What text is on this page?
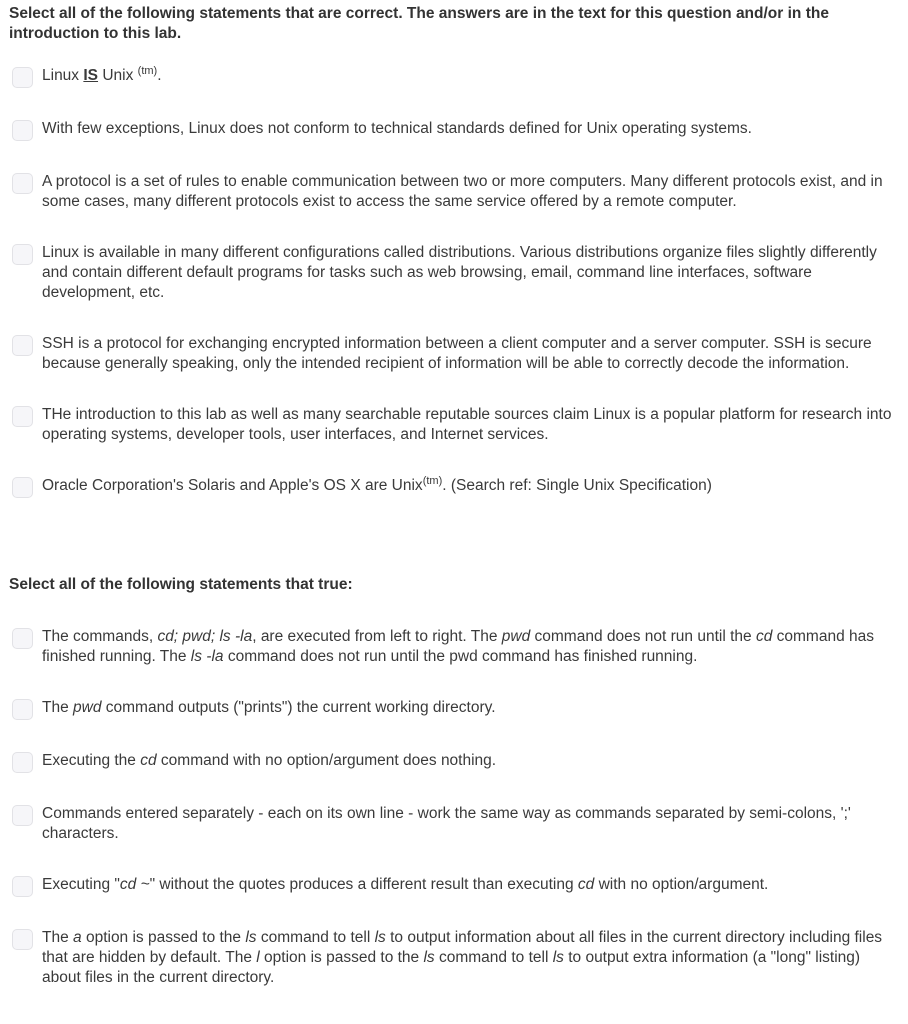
Select all of the following statements that are correct. The answers are in the text for this question and/or in the introduction to this lab.

Linux IS Unix $^{(tm)}$.
With few exceptions, Linux does not conform to technical standards defined for Unix operating systems.
A protocol is a set of rules to enable communication between two or more computers. Many different protocols exist, and in some cases, many different protocols exist to access the same service offered by a remote computer.
Linux is available in many different configurations called distributions. Various distributions organize files slightly differently and contain different default programs for tasks such as web browsing, email, command line interfaces, software development, etc.
SSH is a protocol for exchanging encrypted information between a client computer and a server computer. SSH is secure because generally speaking, only the intended recipient of information will be able to correctly decode the information.
THe introduction to this lab as well as many searchable reputable sources claim Linux is a popular platform for research into operating systems, developer tools, user interfaces, and Internet services.
Oracle Corporation's Solaris and Apple's OS X are Unix$^{(tm)}$. (Search ref: Single Unix Specification)

Select all of the following statements that true:

The commands, cd; pwd; ls -la, are executed from left to right. The pwd command does not run until the cd command has finished running. The ls -la command does not run until the pwd command has finished running.
The pwd command outputs ("prints") the current working directory.
Executing the cd command with no option/argument does nothing.
Commands entered separately - each on its own line - work the same way as commands separated by semi-colons, ';' characters.
Executing "cd ~" without the quotes produces a different result than executing cd with no option/argument.
The a option is passed to the ls command to tell ls to output information about all files in the current directory including files that are hidden by default. The l option is passed to the ls command to tell ls to output extra information (a "long" listing) about files in the current directory.
